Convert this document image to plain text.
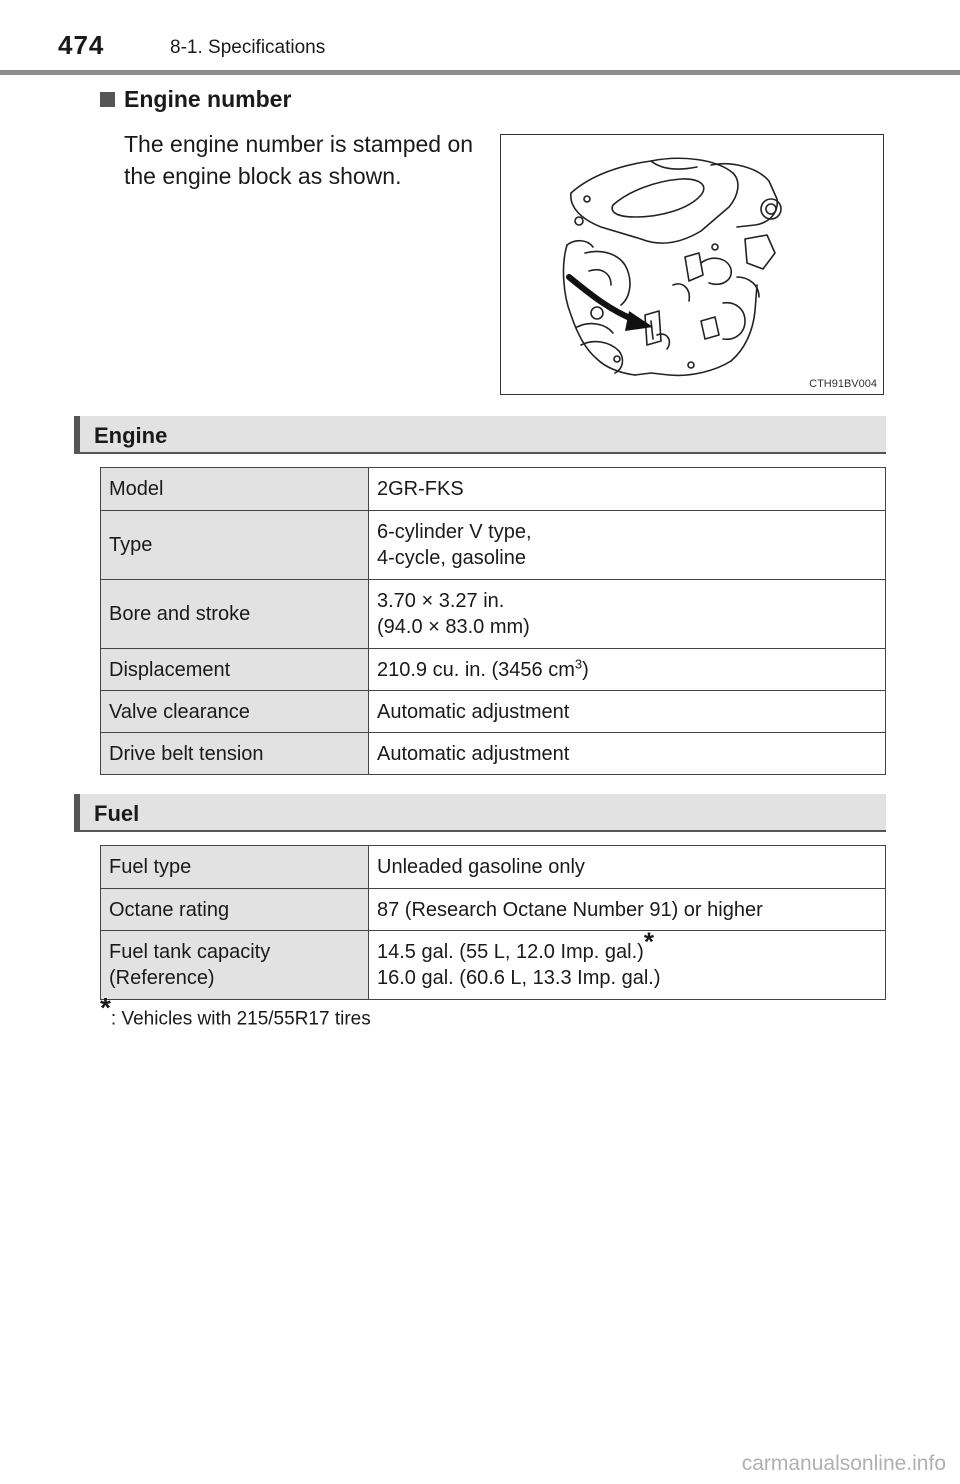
474	8-1. Specifications
Engine number
The engine number is stamped on the engine block as shown.
CTH91BV004
Engine
Model	2GR-FKS
Type	6-cylinder V type,
4-cycle, gasoline
Bore and stroke	3.70 × 3.27 in.
(94.0 × 83.0 mm)
Displacement	210.9 cu. in. (3456 $cm^3$)
Valve clearance	Automatic adjustment
Drive belt tension	Automatic adjustment
Fuel
Fuel type	Unleaded gasoline only
Octane rating	87 (Research Octane Number 91) or higher
Fuel tank capacity
(Reference)	14.5 gal. (55 L, 12.0 Imp. gal.)*
16.0 gal. (60.6 L, 13.3 Imp. gal.)
*: Vehicles with 215/55R17 tires
carmanualsonline.info
